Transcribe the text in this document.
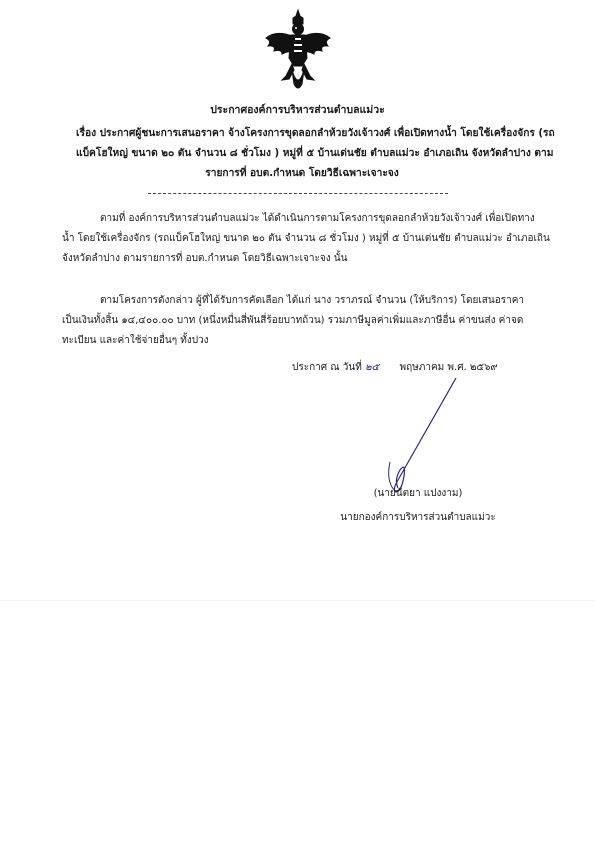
ประกาศองค์การบริหารส่วนตำบลแม่วะ
เรื่อง ประกาศผู้ชนะการเสนอราคา จ้างโครงการขุดลอกลำห้วยวังเจ้าวงศ์ เพื่อเปิดทางน้ำ โดยใช้เครื่องจักร (รถ
แบ็คโฮใหญ่ ขนาด ๒๐ ตัน จำนวน ๘ ชั่วโมง ) หมู่ที่ ๕ บ้านเด่นชัย ตำบลแม่วะ อำเภอเถิน จังหวัดลำปาง ตาม
รายการที่ อบต.กำหนด โดยวิธีเฉพาะเจาะจง
ตามที่ องค์การบริหารส่วนตำบลแม่วะ ได้ดำเนินการตามโครงการขุดลอกลำห้วยวังเจ้าวงศ์ เพื่อเปิดทาง
น้ำ โดยใช้เครื่องจักร (รถแบ็คโฮใหญ่ ขนาด ๒๐ ตัน จำนวน ๘ ชั่วโมง ) หมู่ที่ ๕ บ้านเด่นชัย ตำบลแม่วะ อำเภอเถิน
จังหวัดลำปาง ตามรายการที่ อบต.กำหนด โดยวิธีเฉพาะเจาะจง นั้น
ตามโครงการดังกล่าว ผู้ที่ได้รับการคัดเลือก ได้แก่ นาง วราภรณ์ จำนวน (ให้บริการ) โดยเสนอราคา
เป็นเงินทั้งสิ้น ๑๔,๔๐๐.๐๐ บาท (หนึ่งหมื่นสี่พันสี่ร้อยบาทถ้วน) รวมภาษีมูลค่าเพิ่มและภาษีอื่น ค่าขนส่ง ค่าจด
ทะเบียน และค่าใช้จ่ายอื่นๆ ทั้งปวง
ประกาศ ณ วันที่ ๒๕ พฤษภาคม พ.ศ. ๒๕๖๙
(นายนัตยา แปงงาม)
นายกองค์การบริหารส่วนตำบลแม่วะ
